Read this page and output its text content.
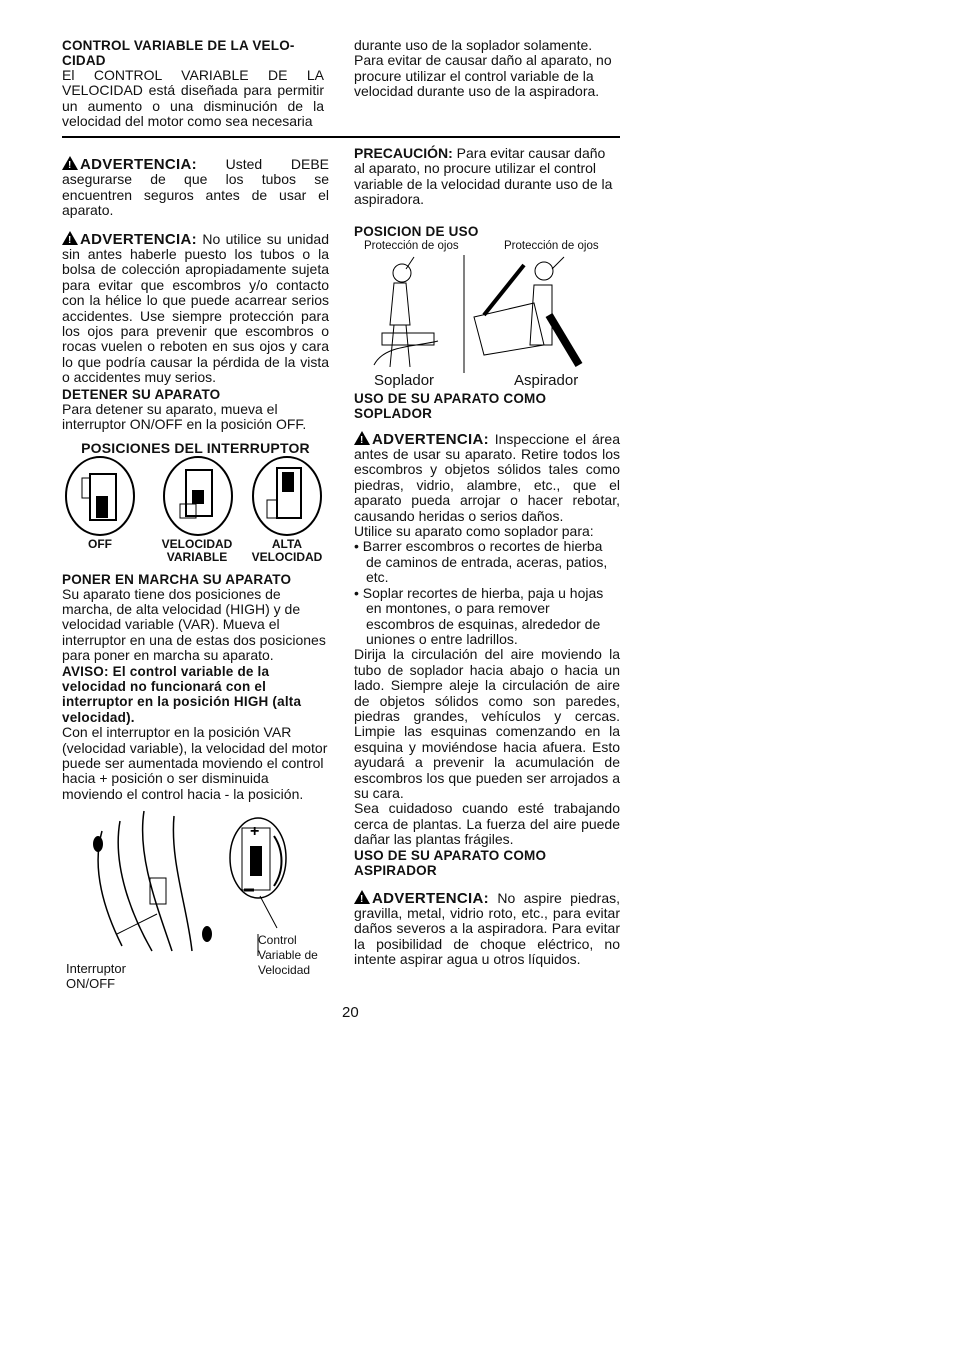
CONTROL VARIABLE DE LA VELO-CIDAD

El CONTROL VARIABLE DE LA VELOCIDAD está diseñada para permitir un aumento o una disminución de la velocidad del motor como sea necesaria

durante uso de la soplador solamente. Para evitar de causar daño al aparato, no procure utilizar el control variable de la velocidad durante uso de la aspiradora.

!ADVERTENCIA: Usted DEBE asegurarse de que los tubos se encuentren seguros antes de usar el aparato.

!ADVERTENCIA: No utilice su unidad sin antes haberle puesto los tubos o la bolsa de colección apropiadamente sujeta para evitar que escombros y/o contacto con la hélice lo que puede acarrear serios accidentes. Use siempre protección para los ojos para prevenir que escombros o rocas vuelen o reboten en sus ojos y cara lo que podría causar la pérdida de la vista o accidentes muy serios.

DETENER SU APARATO

Para detener su aparato, mueva el interruptor ON/OFF en la posición OFF.

POSICIONES DEL INTERRUPTOR
OFF	VELOCIDAD VARIABLE
ALTA VELOCIDAD
PONER EN MARCHA SU APARATO

Su aparato tiene dos posiciones de marcha, de alta velocidad (HIGH) y de velocidad variable (VAR). Mueva el interruptor en una de estas dos posiciones para poner en marcha su aparato.

AVISO: El control variable de la velocidad no funcionará con el interruptor en la posición HIGH (alta velocidad).

Con el interruptor en la posición VAR (velocidad variable), la velocidad del motor puede ser aumentada moviendo el control hacia + posición o ser disminuida moviendo el control hacia - la posición.

+
Interruptor ON/OFF
Control Variable de Velocidad

PRECAUCIÓN: Para evitar causar daño al aparato, no procure utilizar el control variable de la velocidad durante uso de la aspiradora.

POSICION DE USO
Protección de ojos	Protección de ojos
Soplador	Aspirador
USO DE SU APARATO COMO SOPLADOR

!ADVERTENCIA: Inspeccione el área antes de usar su aparato. Retire todos los escombros y objetos sólidos tales como piedras, vidrio, alambre, etc., que el aparato pueda arrojar o hacer rebotar, causando heridas o serios daños.

Utilice su aparato como soplador para:

• Barrer escombros o recortes de hierba de caminos de entrada, aceras, patios, etc.

• Soplar recortes de hierba, paja u hojas en montones, o para remover escombros de esquinas, alrededor de uniones o entre ladrillos.

Dirija la circulación del aire moviendo la tubo de soplador hacia abajo o hacia un lado. Siempre aleje la circulación de aire de objetos sólidos como son paredes, piedras grandes, vehículos y cercas. Limpie las esquinas comenzando en la esquina y moviéndose hacia afuera. Esto ayudará a prevenir la acumulación de escombros los que pueden ser arrojados a su cara.

Sea cuidadoso cuando esté trabajando cerca de plantas. La fuerza del aire puede dañar las plantas frágiles.

USO DE SU APARATO COMO ASPIRADOR

!ADVERTENCIA: No aspire piedras, gravilla, metal, vidrio roto, etc., para evitar daños severos a la aspiradora. Para evitar la posibilidad de choque eléctrico, no intente aspirar agua u otros líquidos.

20
